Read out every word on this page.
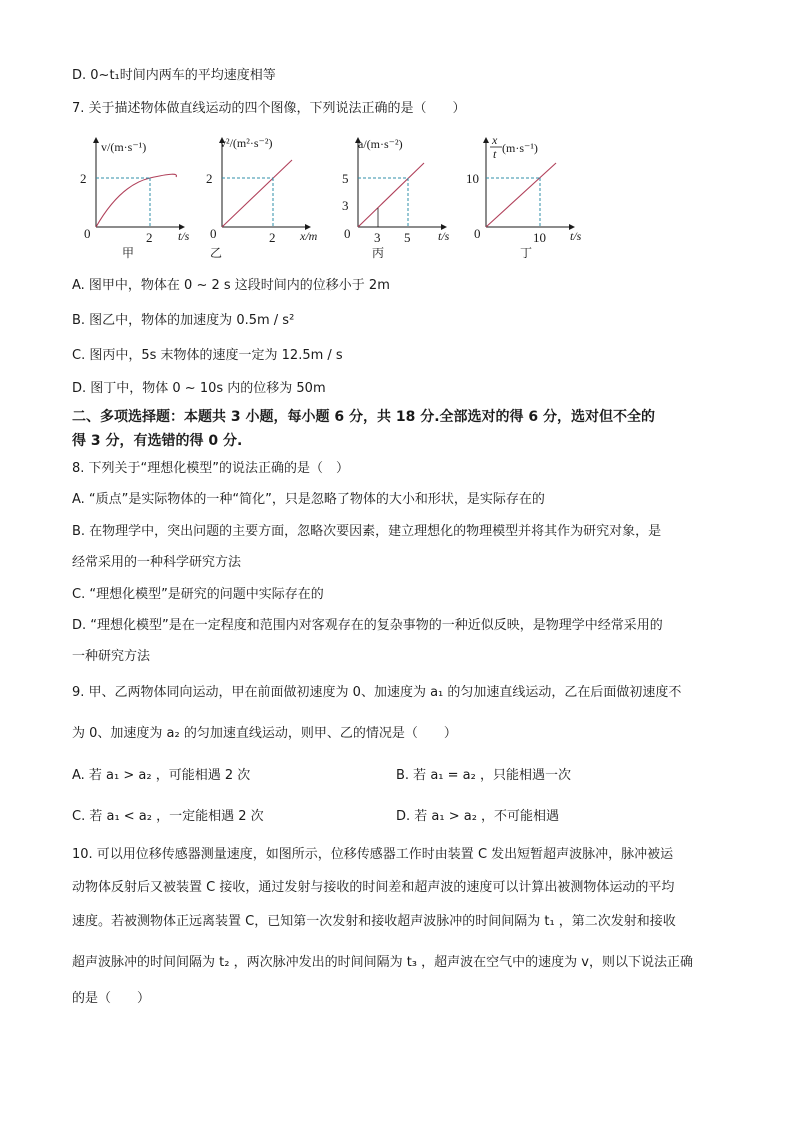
D. 0~t₁时间内两车的平均速度相等
7. 关于描述物体做直线运动的四个图像，下列说法正确的是（　　）
v/(m·s⁻¹)
2
2
0	t/s
甲
v²/(m²·s⁻²)
2
2
0	x/m
乙
a/(m·s⁻²)
5
3
3 5
0	t/s
丙
x
t (m·s⁻¹)
10
10
0	t/s
丁
A. 图甲中，物体在 0 ~ 2 s 这段时间内的位移小于 2m
B. 图乙中，物体的加速度为 0.5m / s²
C. 图丙中，5s 末物体的速度一定为 12.5m / s
D. 图丁中，物体 0 ~ 10s 内的位移为 50m
二、多项选择题：本题共 3 小题，每小题 6 分，共 18 分.全部选对的得 6 分，选对但不全的
得 3 分，有选错的得 0 分.
8. 下列关于“理想化模型”的说法正确的是（　）
A. “质点”是实际物体的一种“简化”，只是忽略了物体的大小和形状，是实际存在的
B. 在物理学中，突出问题的主要方面，忽略次要因素，建立理想化的物理模型并将其作为研究对象，是
经常采用的一种科学研究方法
C. “理想化模型”是研究的问题中实际存在的
D. “理想化模型”是在一定程度和范围内对客观存在的复杂事物的一种近似反映，是物理学中经常采用的
一种研究方法
9. 甲、乙两物体同向运动，甲在前面做初速度为 0、加速度为 a₁ 的匀加速直线运动，乙在后面做初速度不
为 0、加速度为 a₂ 的匀加速直线运动，则甲、乙的情况是（　　）
A. 若 a₁ > a₂ ，可能相遇 2 次	B. 若 a₁ = a₂ ，只能相遇一次
C. 若 a₁ < a₂ ，一定能相遇 2 次	D. 若 a₁ > a₂ ，不可能相遇
10. 可以用位移传感器测量速度，如图所示，位移传感器工作时由装置 C 发出短暂超声波脉冲，脉冲被运
动物体反射后又被装置 C 接收，通过发射与接收的时间差和超声波的速度可以计算出被测物体运动的平均
速度。若被测物体正远离装置 C，已知第一次发射和接收超声波脉冲的时间间隔为 t₁ ，第二次发射和接收
超声波脉冲的时间间隔为 t₂ ，两次脉冲发出的时间间隔为 t₃ ，超声波在空气中的速度为 v，则以下说法正确
的是（　　）
